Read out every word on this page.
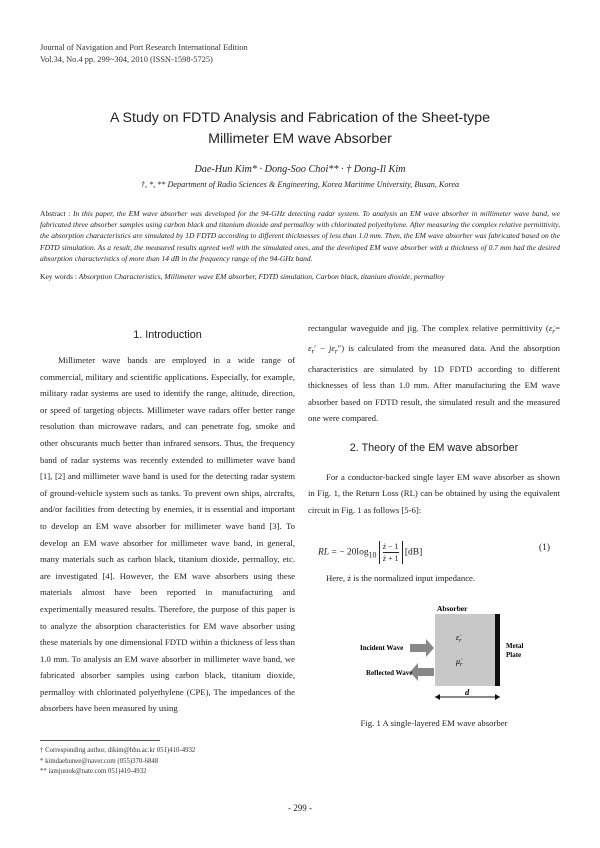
Journal of Navigation and Port Research International Edition
Vol.34, No.4 pp. 299~304, 2010 (ISSN-1598-5725)
A Study on FDTD Analysis and Fabrication of the Sheet-type
Millimeter EM wave Absorber
Dae-Hun Kim* · Dong-Soo Choi** · † Dong-Il Kim
†, *, ** Department of Radio Sciences & Engineering, Korea Maritime University, Busan, Korea
Abstract : In this paper, the EM wave absorber was developed for the 94-GHz detecting radar system. To analysis an EM wave absorber in millimeter wave band, we fabricated three absorber samples using carbon black and titanium dioxide and permalloy with chlorinated polyethylene. After measuring the complex relative permittivity, the absorption characteristics are simulated by 1D FDTD according to different thicknesses of less than 1.0 mm. Then, the EM wave absorber was fabricated based on the FDTD simulation. As a result, the measured results agreed well with the simulated ones, and the developed EM wave absorber with a thickness of 0.7 mm had the desired absorption characteristics of more than 14 dB in the frequency range of the 94-GHz band.
Key words : Absorption Characteristics, Millimeter wave EM absorber, FDTD simulation, Carbon black, titanium dioxide, permalloy
1. Introduction

Millimeter wave bands are employed in a wide range of commercial, military and scientific applications. Especially, for example, military radar systems are used to identify the range, altitude, direction, or speed of targeting objects. Millimeter wave radars offer better range resolution than microwave radars, and can penetrate fog, smoke and other obscurants much better than infrared sensors. Thus, the frequency band of radar systems was recently extended to millimeter wave band [1], [2] and millimeter wave band is used for the detecting radar system of ground-vehicle system such as tanks. To prevent own ships, aircrafts, and/or facilities from detecting by enemies, it is essential and important to develop an EM wave absorber for millimeter wave band [3]. To develop an EM wave absorber for millimeter wave band, in general, many materials such as carbon black, titanium dioxide, permalloy, etc. are investigated [4]. However, the EM wave absorbers using these materials almost have been reported in manufacturing and experimentally measured results. Therefore, the purpose of this paper is to analyze the absorption characteristics for EM wave absorber using these materials by one dimensional FDTD within a thickness of less than 1.0 mm. To analysis an EM wave absorber in millimeter wave band, we fabricated absorber samples using carbon black, titanium dioxide, permalloy with chlorinated polyethylene (CPE), The impedances of the absorbers have been measured by using

rectangular waveguide and jig. The complex relative permittivity $(\varepsiloṅ_r= \varepsilon_r' - j\varepsilon_r'')$ is calculated from the measured data. And the absorption characteristics are simulated by 1D FDTD according to different thicknesses of less than 1.0 mm. After manufacturing the EM wave absorber based on FDTD result, the simulated result and the measured one were compared.

2. Theory of the EM wave absorber

For a conductor-backed single layer EM wave absorber as shown in Fig. 1, the Return Loss (RL) can be obtained by using the equivalent circuit in Fig. 1 as follows [5-6]:

RL = − $20\log_{10} \frac{ż - 1}{ż + 1} [dB]$	(1)
Here, ż is the normalized input impedance.
Absorber
Incident Wave
Reflected Wave
$\varepsiloṅ_r$
$\mu̇_r$
Metal
Plate
d
Fig. 1 A single-layered EM wave absorber
† Corresponding author, dikim@hhu.ac.kr 051)410-4932
* kimdaehunee@naver.com (055)370-6848
** iamjustok@nate.com 051)410-4932
- 299 -
